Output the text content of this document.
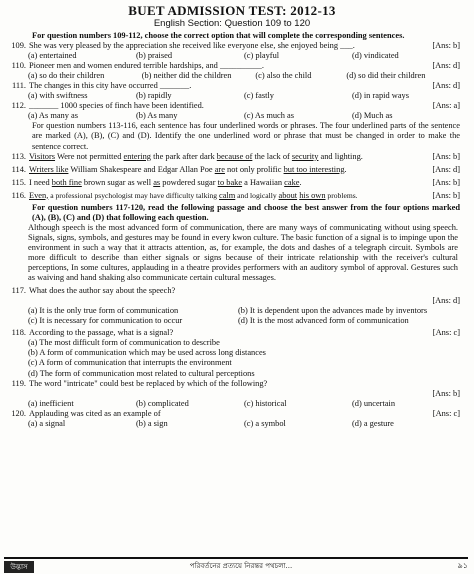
BUET ADMISSION TEST: 2012-13
English Section: Question 109 to 120
For question numbers 109-112, choose the correct option that will complete the corresponding sentences.
109.	[Ans: b]
She was very pleased by the appreciation she received like everyone else, she enjoyed being ___.
(a) entertained	(b) praised	(c) playful	(d) vindicated
110.	[Ans: d]
Pioneer men and women endured terrible hardships, and __________.
(a) so do their children	(b) neither did the children	(c) also the child	(d) so did their children
111.	[Ans: d]
The changes in this city have occurred _______.
(a) with swiftness	(b) rapidly	(c) fastly	(d) in rapid ways
112.	[Ans: a]
_______ 1000 species of finch have been identified.
(a) As many as	(b) As many	(c) As much as	(d) Much as
For question numbers 113-116, each sentence has four underlined words or phrases. The four underlined parts of the sentence are marked (A), (B), (C) and (D). Identify the one underlined word or phrase that must be changed in order to make the sentence correct.
113.	[Ans: b]
Visitors Were not permitted entering the park after dark because of the lack of security and lighting.
114.	[Ans: d]
Writers like William Shakespeare and Edgar Allan Poe are not only prolific but too interesting.
115.	[Ans: b]
I need both fine brown sugar as well as powdered sugar to bake a Hawaiian cake.
116.	[Ans: b]
Even, a professional psychologist may have difficulty talking calm and logically about his own problems.
For question numbers 117-120, read the following passage and choose the best answer from the four options marked (A), (B), (C) and (D) that following each question.
Although speech is the most advanced form of communication, there are many ways of communicating without using speech. Signals, signs, symbols, and gestures may be found in every kwon culture. The basic function of a signal is to impinge upon the environment in such a way that it attracts attention, as, for example, the dots and dashes of a telegraph circuit. Symbols are more difficult to describe than either signals or signs because of their intricate relationship with the receiver's cultural perceptions, In some cultures, applauding in a theatre provides performers with an auditory symbol of approval. Gestures such as waiving and hand shaking also communicate certain cultural messages.
117. What does the author say about the speech?
[Ans: d]
(a) It is the only true form of communication	(b) It is dependent upon the advances made by inventors
(c) It is necessary for communication to occur	(d) It is the most advanced form of communication
118.	[Ans: c]
According to the passage, what is a signal?
(a) The most difficult form of communication to describe
(b) A form of communication which may be used across long distances
(c) A form of communication that interrupts the environment
(d) The form of communication most related to cultural perceptions
119. The word "intricate" could best be replaced by which of the following?
[Ans: b]
(a) inefficient	(b) complicated	(c) historical	(d) uncertain
120.	[Ans: c]
Applauding was cited as an example of
(a) a signal	(b) a sign	(c) a symbol	(d) a gesture
উদ্ভাস	পরিবর্তনের প্রত্যয়ে নিরন্তর পথচলা...	৯১
